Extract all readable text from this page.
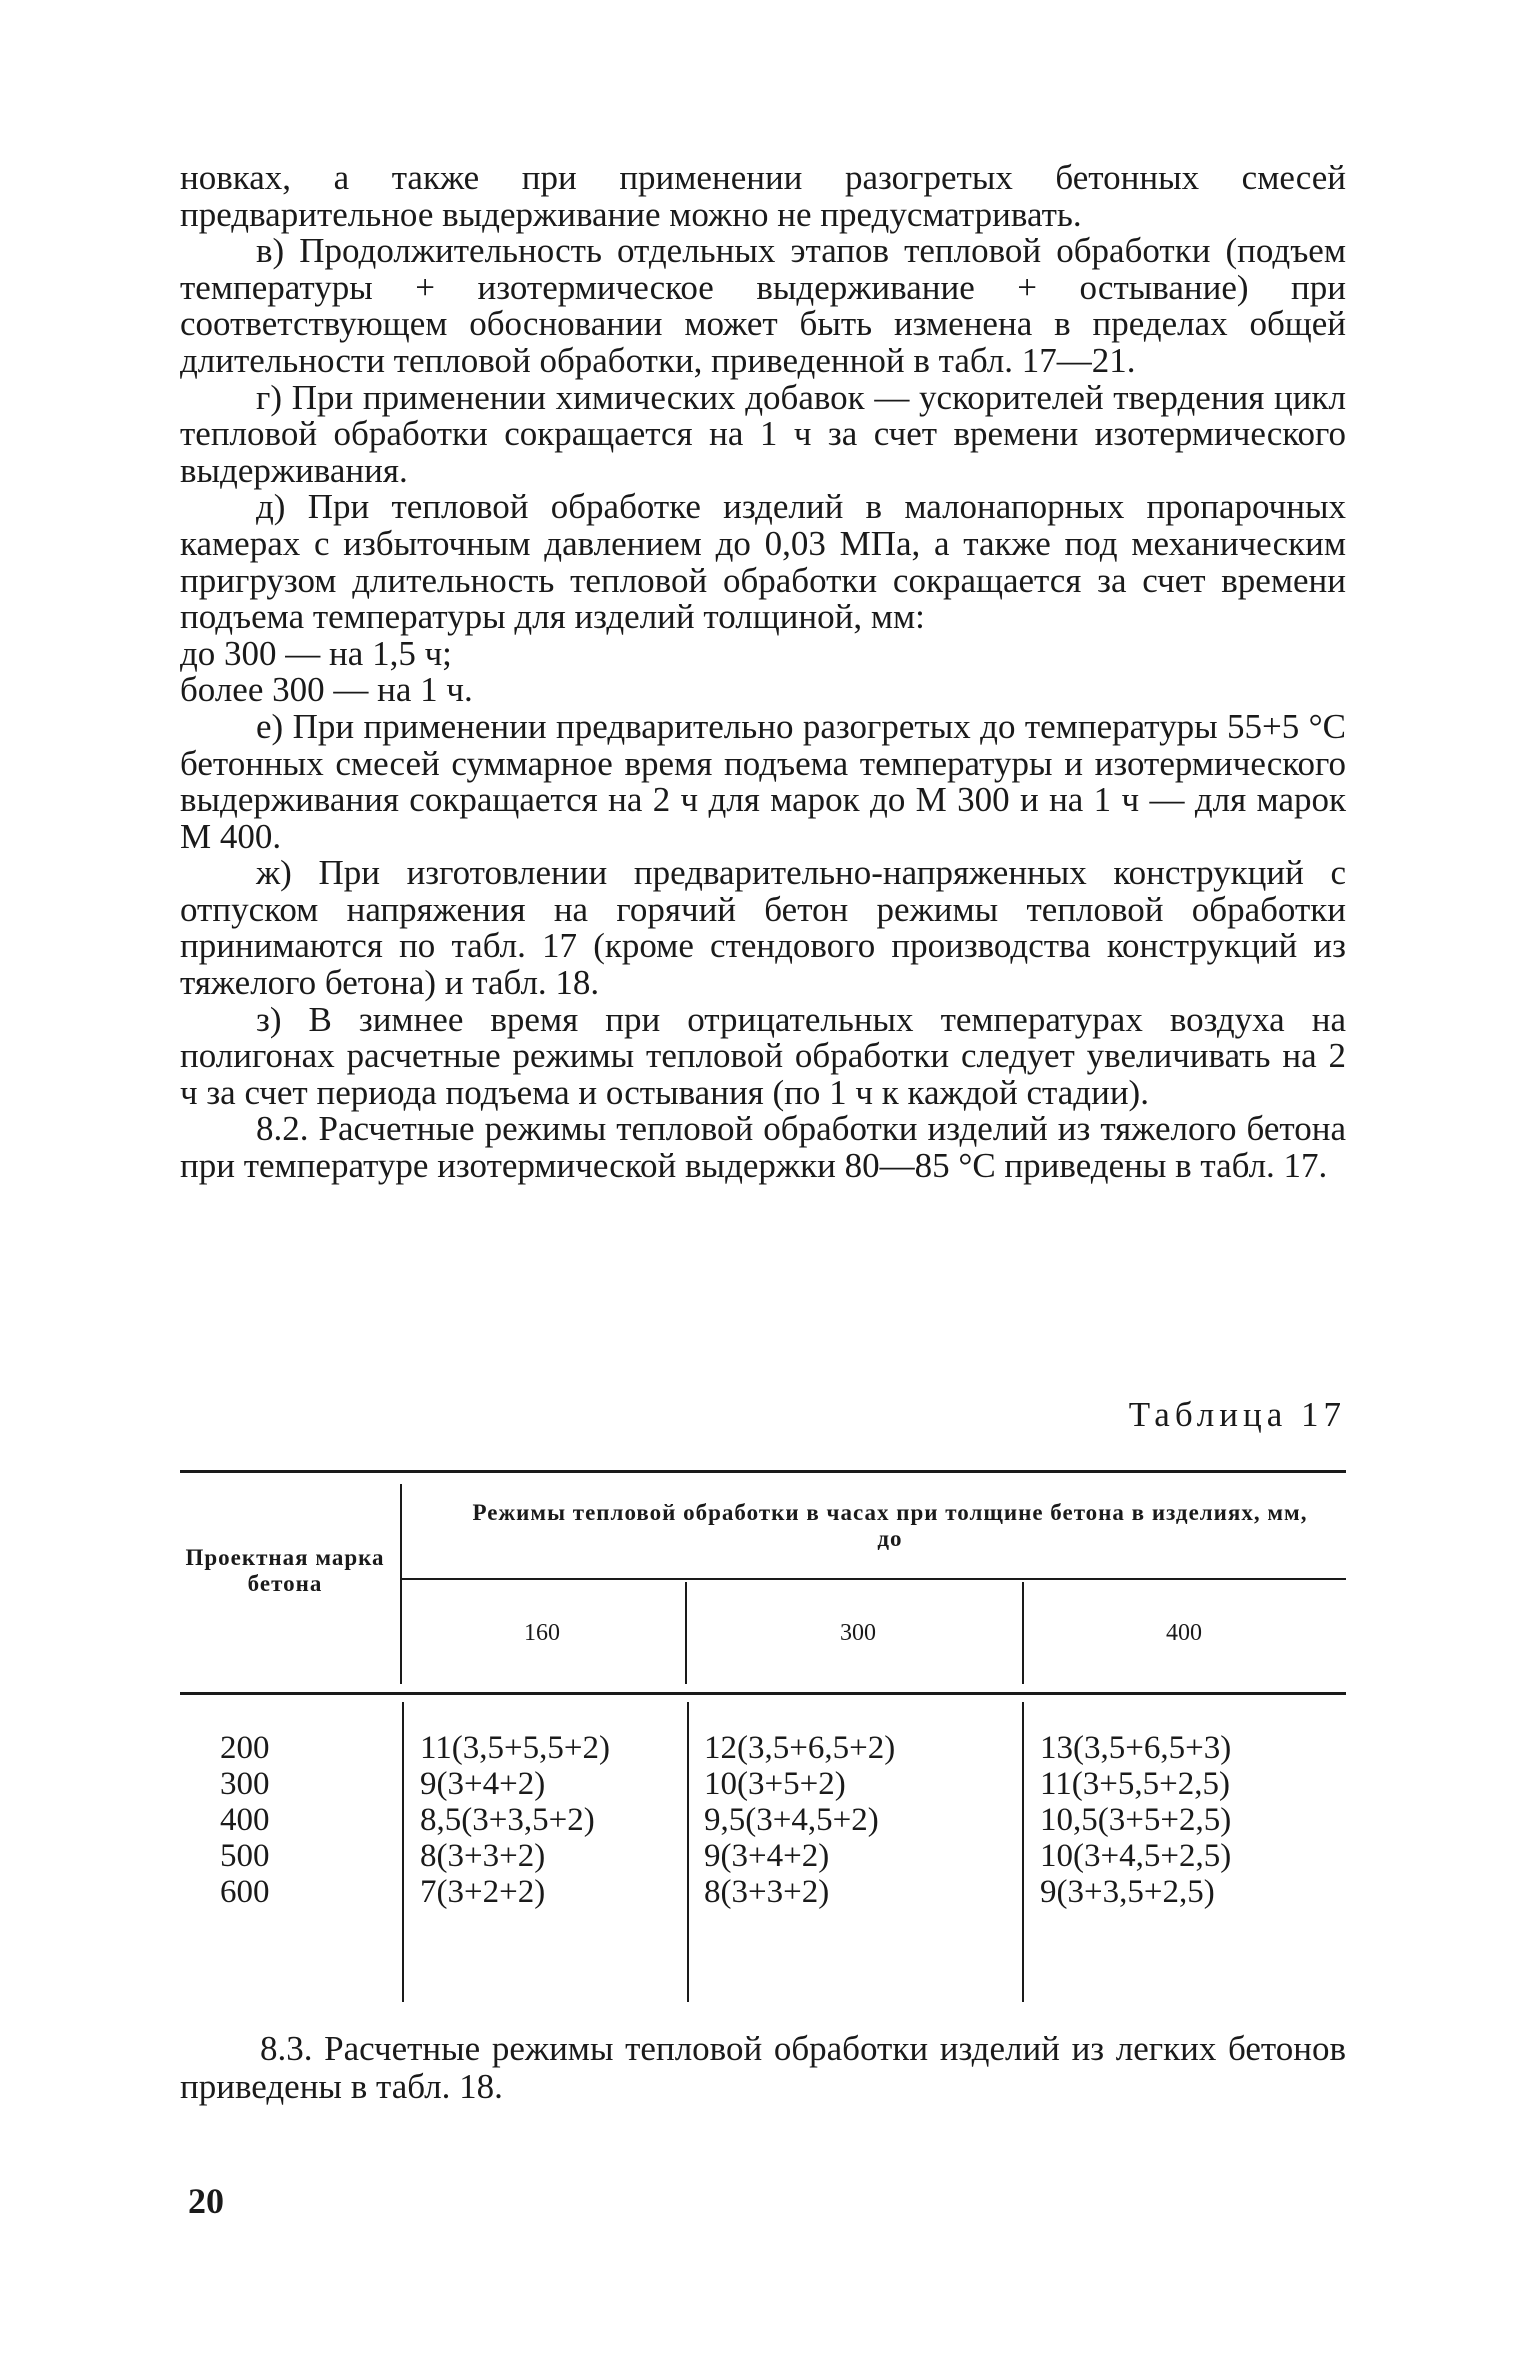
новках, а также при применении разогретых бетонных смесей предварительное выдерживание можно не предусматривать.

в) Продолжительность отдельных этапов тепловой обработки (подъем температуры + изотермическое выдерживание + остывание) при соответствующем обосновании может быть изменена в пределах общей длительности тепловой обработки, приведенной в табл. 17—21.

г) При применении химических добавок — ускорителей твердения цикл тепловой обработки сокращается на 1 ч за счет времени изотермического выдерживания.

д) При тепловой обработке изделий в малонапорных пропарочных камерах с избыточным давлением до 0,03 МПа, а также под механическим пригрузом длительность тепловой обработки сокращается за счет времени подъема температуры для изделий толщиной, мм:

до 300 — на 1,5 ч;

более 300 — на 1 ч.

е) При применении предварительно разогретых до температуры 55+5 °С бетонных смесей суммарное время подъема температуры и изотермического выдерживания сокращается на 2 ч для марок до М 300 и на 1 ч — для марок М 400.

ж) При изготовлении предварительно-напряженных конструкций с отпуском напряжения на горячий бетон режимы тепловой обработки принимаются по табл. 17 (кроме стендового производства конструкций из тяжелого бетона) и табл. 18.

з) В зимнее время при отрицательных температурах воздуха на полигонах расчетные режимы тепловой обработки следует увеличивать на 2 ч за счет периода подъема и остывания (по 1 ч к каждой стадии).

8.2. Расчетные режимы тепловой обработки изделий из тяжелого бетона при температуре изотермической выдержки 80—85 °С приведены в табл. 17.

Таблица 17
Проектная марка бетона
Режимы тепловой обработки в часах при толщине бетона в изделиях, мм, до
160	300	400
200
300
400
500
600
11(3,5+5,5+2)
9(3+4+2)
8,5(3+3,5+2)
8(3+3+2)
7(3+2+2)
12(3,5+6,5+2)
10(3+5+2)
9,5(3+4,5+2)
9(3+4+2)
8(3+3+2)
13(3,5+6,5+3)
11(3+5,5+2,5)
10,5(3+5+2,5)
10(3+4,5+2,5)
9(3+3,5+2,5)

8.3. Расчетные режимы тепловой обработки изделий из легких бетонов приведены в табл. 18.

20
